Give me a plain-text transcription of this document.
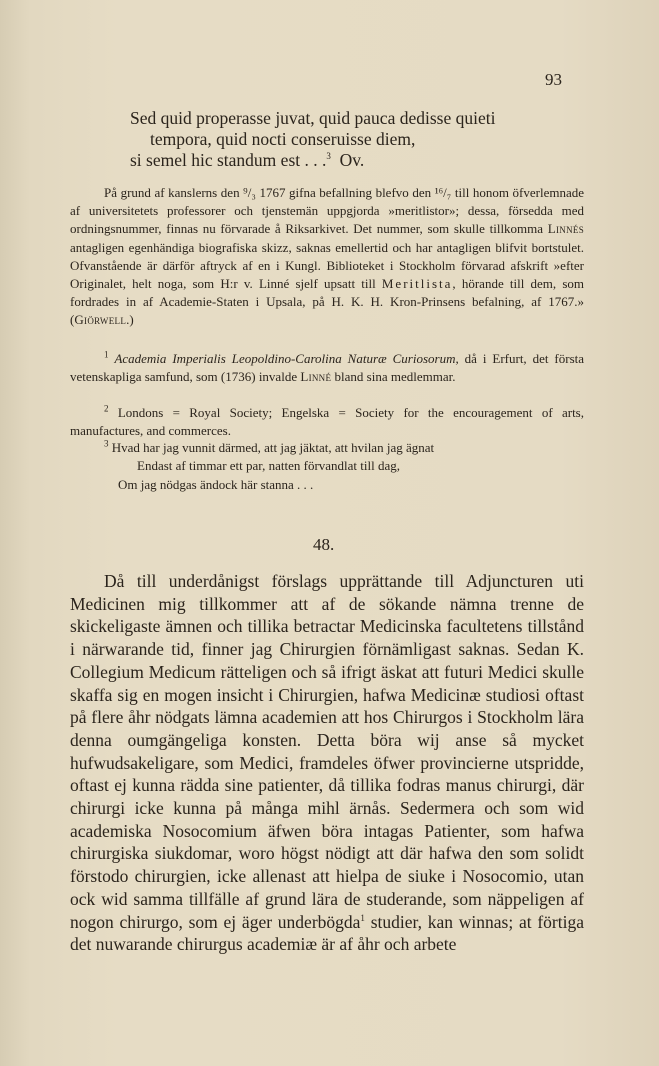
93
Sed quid properasse juvat, quid pauca dedisse quieti
tempora, quid nocti conseruisse diem,
si semel hic standum est . . .$^3$ Ov.

På grund af kanslerns den ⁹/₃ 1767 gifna befallning blefvo den ¹⁶/₇ till honom öfverlemnade af universitetets professorer och tjenstemän uppgjorda »meritlistor»; dessa, försedda med ordningsnummer, finnas nu förvarade å Riksarkivet. Det nummer, som skulle tillkomma Linnés antagligen egenhändiga biografiska skizz, saknas emellertid och har antagligen blifvit bortstulet. Ofvanstående är därför aftryck af en i Kungl. Biblioteket i Stockholm förvarad afskrift »efter Originalet, helt noga, som H:r v. Linné sjelf upsatt till Meritlista, hörande till dem, som fordrades in af Academie-Staten i Upsala, på H. K. H. Kron-Prinsens befalning, af 1767.» (Giörwell.)

$^1$ Academia Imperialis Leopoldino-Carolina Naturæ Curiosorum, då i Erfurt, det första vetenskapliga samfund, som (1736) invalde Linné bland sina medlemmar.

$^2$ Londons = Royal Society; Engelska = Society for the encouragement of arts, manufactures, and commerces.

$^3$ Hvad har jag vunnit därmed, att jag jäktat, att hvilan jag ägnat
Endast af timmar ett par, natten förvandlat till dag,
Om jag nödgas ändock här stanna . . .
48.

Då till underdånigst förslags upprättande till Adjuncturen uti Medicinen mig tillkommer att af de sökande nämna trenne de skickeligaste ämnen och tillika betractar Medicinska facultetens tillstånd i närwarande tid, finner jag Chirurgien förnämligast saknas. Sedan K. Collegium Medicum rätteligen och så ifrigt äskat att futuri Medici skulle skaffa sig en mogen insicht i Chirurgien, hafwa Medicinæ studiosi oftast på flere åhr nödgats lämna academien att hos Chirurgos i Stockholm lära denna oumgängeliga konsten. Detta böra wij anse så mycket hufwudsakeligare, som Medici, framdeles öfwer provincierne utspridde, oftast ej kunna rädda sine patienter, då tillika fodras manus chirurgi, där chirurgi icke kunna på många mihl ärnås. Sedermera och som wid academiska Nosocomium äfwen böra intagas Patienter, som hafwa chirurgiska siukdomar, woro högst nödigt att där hafwa den som solidt förstodo chirurgien, icke allenast att hielpa de siuke i Nosocomio, utan ock wid samma tillfälle af grund lära de studerande, som näppeligen af nogon chirurgo, som ej äger underbögda$^1$ studier, kan winnas; at förtiga det nuwarande chirurgus academiæ är af åhr och arbete
